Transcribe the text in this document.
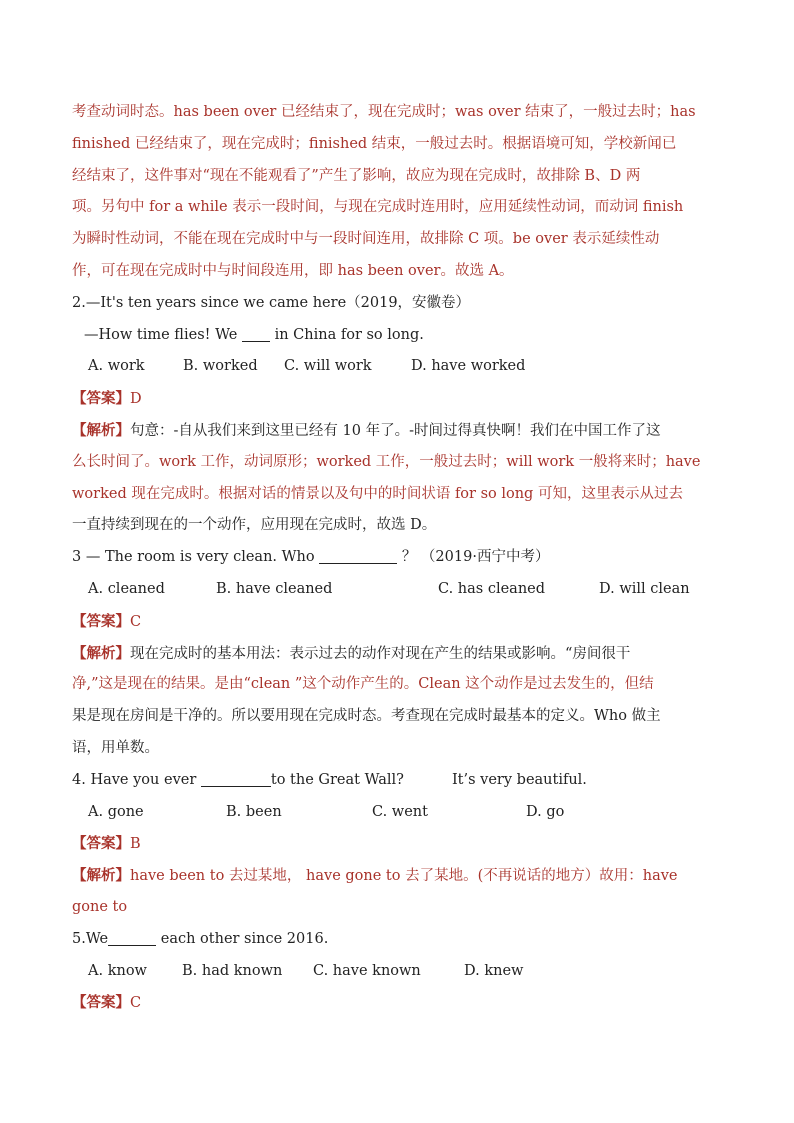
考查动词时态。has been over 已经结束了，现在完成时；was over 结束了，一般过去时；has
finished 已经结束了，现在完成时；finished 结束，一般过去时。根据语境可知，学校新闻已
经结束了，这件事对“现在不能观看了”产生了影响，故应为现在完成时，故排除 B、D 两
项。另句中 for a while 表示一段时间，与现在完成时连用时，应用延续性动词，而动词 finish
为瞬时性动词，不能在现在完成时中与一段时间连用，故排除 C 项。be over 表示延续性动
作，可在现在完成时中与时间段连用，即 has been over。故选 A。
2.—It's ten years since we came here（2019，安徽卷）
—How time flies! We  in China for so long.
A. work	B. worked	C. will work	D. have worked
【答案】D
【解析】句意：-自从我们来到这里已经有 10 年了。-时间过得真快啊！我们在中国工作了这
么长时间了。work 工作，动词原形；worked 工作，一般过去时；will work 一般将来时；have
worked 现在完成时。根据对话的情景以及句中的时间状语 for so long 可知，这里表示从过去
一直持续到现在的一个动作，应用现在完成时，故选 D。
3 — The room is very clean. Who	？ （2019·西宁中考）
A. cleaned	B. have cleaned	C. has cleaned	D. will clean
【答案】C
【解析】现在完成时的基本用法：表示过去的动作对现在产生的结果或影响。“房间很干
净,”这是现在的结果。是由“clean ”这个动作产生的。Clean 这个动作是过去发生的，但结
果是现在房间是干净的。所以要用现在完成时态。考查现在完成时最基本的定义。Who 做主
语，用单数。
4. Have you ever	to the Great Wall?	It’s very beautiful.
A. gone	B. been	C. went	D. go
【答案】B
【解析】have been to 去过某地， have gone to 去了某地。(不再说话的地方）故用：have
gone to
5.We	each other since 2016.
A. know	B. had known	C. have known	D. knew
【答案】C
